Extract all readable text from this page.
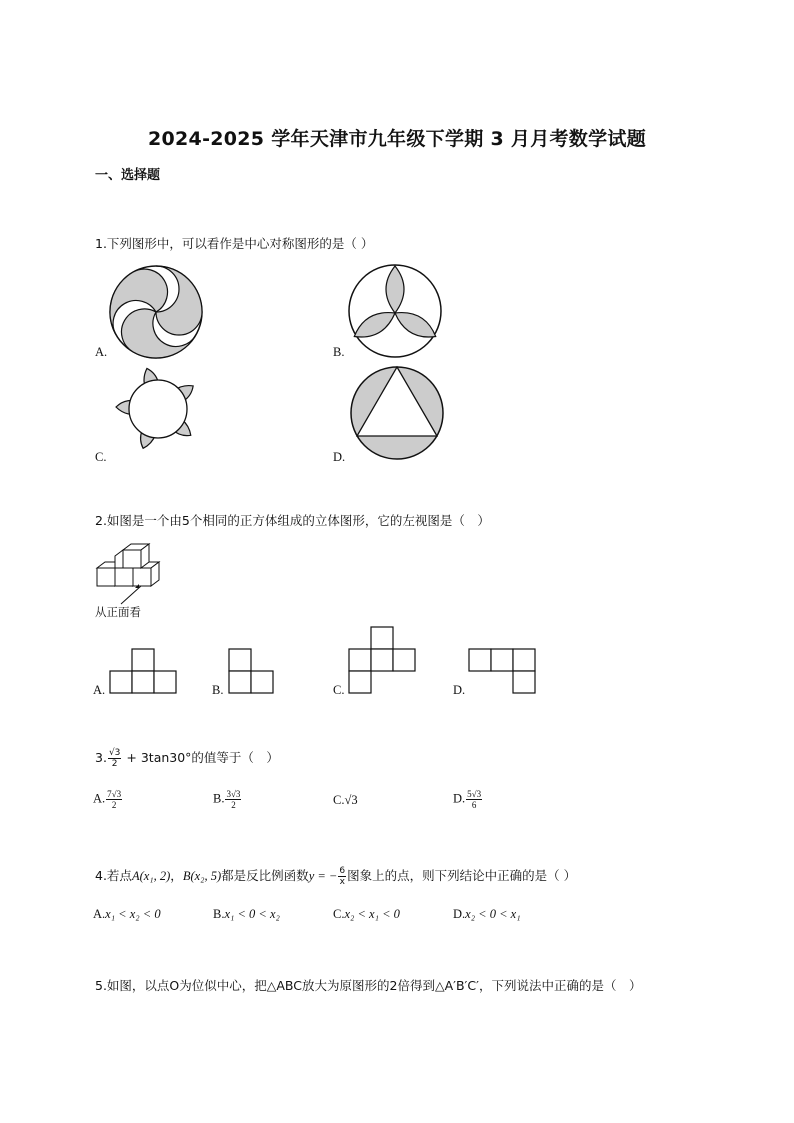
2024-2025 学年天津市九年级下学期 3 月月考数学试题
一、选择题
1.下列图形中，可以看作是中心对称图形的是（ ）
A.	B.
C.	D.
2.如图是一个由5个相同的正方体组成的立体图形，它的左视图是（　）
从正面看
A.	B.	C.	D.
3. $\frac{√3}{2} + 3\tan 30^\circ$的值等于（　）
A. $\frac{7√3}{2}$	B. $\frac{3√3}{2}$	C.√3	D. $\frac{5√3}{6}$
4.若点A(x₁, 2)，B(x₂, 5)都是反比例函数y = − $\frac{6}{x}$ 图象上的点，则下列结论中正确的是（ ）
A.x₁ < x₂ < 0	B.x₁ < 0 < x₂	C.x₂ < x₁ < 0	D.x₂ < 0 < x₁
5.如图，以点O为位似中心，把△ABC放大为原图形的2倍得到△A′B′C′，下列说法中正确的是（　）
